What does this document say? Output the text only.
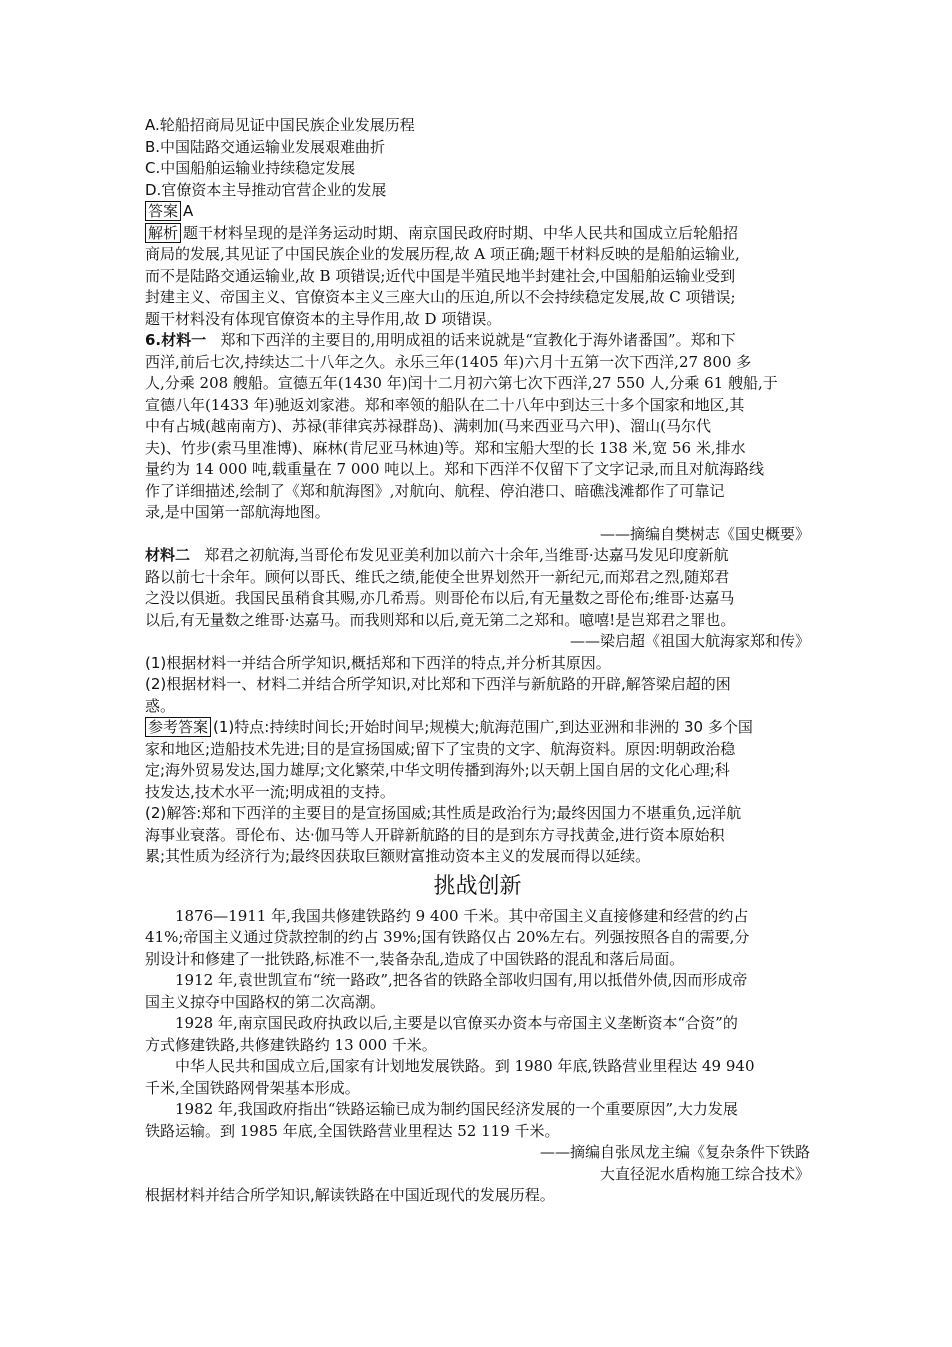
A.轮船招商局见证中国民族企业发展历程
B.中国陆路交通运输业发展艰难曲折
C.中国船舶运输业持续稳定发展
D.官僚资本主导推动官营企业的发展
答案 A
解析 题干材料呈现的是洋务运动时期、南京国民政府时期、中华人民共和国成立后轮船招
商局的发展,其见证了中国民族企业的发展历程,故 A 项正确;题干材料反映的是船舶运输业,
而不是陆路交通运输业,故 B 项错误;近代中国是半殖民地半封建社会,中国船舶运输业受到
封建主义、帝国主义、官僚资本主义三座大山的压迫,所以不会持续稳定发展,故 C 项错误;
题干材料没有体现官僚资本的主导作用,故 D 项错误。
6.材料一 郑和下西洋的主要目的,用明成祖的话来说就是“宣教化于海外诸番国”。郑和下
西洋,前后七次,持续达二十八年之久。永乐三年(1405 年)六月十五第一次下西洋,27 800 多
人,分乘 208 艘船。宣德五年(1430 年)闰十二月初六第七次下西洋,27 550 人,分乘 61 艘船,于
宣德八年(1433 年)驰返刘家港。郑和率领的船队在二十八年中到达三十多个国家和地区,其
中有占城(越南南方)、苏禄(菲律宾苏禄群岛)、满剌加(马来西亚马六甲)、溜山(马尔代
夫)、竹步(索马里准博)、麻林(肯尼亚马林迪)等。郑和宝船大型的长 138 米,宽 56 米,排水
量约为 14 000 吨,载重量在 7 000 吨以上。郑和下西洋不仅留下了文字记录,而且对航海路线
作了详细描述,绘制了《郑和航海图》,对航向、航程、停泊港口、暗礁浅滩都作了可靠记
录,是中国第一部航海地图。
——摘编自樊树志《国史概要》
材料二 郑君之初航海,当哥伦布发见亚美利加以前六十余年,当维哥·达嘉马发见印度新航
路以前七十余年。顾何以哥氏、维氏之绩,能使全世界划然开一新纪元,而郑君之烈,随郑君
之没以俱逝。我国民虽稍食其赐,亦几希焉。则哥伦布以后,有无量数之哥伦布;维哥·达嘉马
以后,有无量数之维哥·达嘉马。而我则郑和以后,竟无第二之郑和。噫嘻!是岂郑君之罪也。
——梁启超《祖国大航海家郑和传》
(1)根据材料一并结合所学知识,概括郑和下西洋的特点,并分析其原因。
(2)根据材料一、材料二并结合所学知识,对比郑和下西洋与新航路的开辟,解答梁启超的困
惑。
参考答案 (1)特点:持续时间长;开始时间早;规模大;航海范围广,到达亚洲和非洲的 30 多个国
家和地区;造船技术先进;目的是宣扬国威;留下了宝贵的文字、航海资料。原因:明朝政治稳
定;海外贸易发达,国力雄厚;文化繁荣,中华文明传播到海外;以天朝上国自居的文化心理;科
技发达,技术水平一流;明成祖的支持。
(2)解答:郑和下西洋的主要目的是宣扬国威;其性质是政治行为;最终因国力不堪重负,远洋航
海事业衰落。哥伦布、达·伽马等人开辟新航路的目的是到东方寻找黄金,进行资本原始积
累;其性质为经济行为;最终因获取巨额财富推动资本主义的发展而得以延续。
挑战创新
1876—1911 年,我国共修建铁路约 9 400 千米。其中帝国主义直接修建和经营的约占
41%;帝国主义通过贷款控制的约占 39%;国有铁路仅占 20%左右。列强按照各自的需要,分
别设计和修建了一批铁路,标准不一,装备杂乱,造成了中国铁路的混乱和落后局面。
1912 年,袁世凯宣布“统一路政”,把各省的铁路全部收归国有,用以抵借外债,因而形成帝
国主义掠夺中国路权的第二次高潮。
1928 年,南京国民政府执政以后,主要是以官僚买办资本与帝国主义垄断资本“合资”的
方式修建铁路,共修建铁路约 13 000 千米。
中华人民共和国成立后,国家有计划地发展铁路。到 1980 年底,铁路营业里程达 49 940
千米,全国铁路网骨架基本形成。
1982 年,我国政府指出“铁路运输已成为制约国民经济发展的一个重要原因”,大力发展
铁路运输。到 1985 年底,全国铁路营业里程达 52 119 千米。
——摘编自张凤龙主编《复杂条件下铁路
大直径泥水盾构施工综合技术》
根据材料并结合所学知识,解读铁路在中国近现代的发展历程。
